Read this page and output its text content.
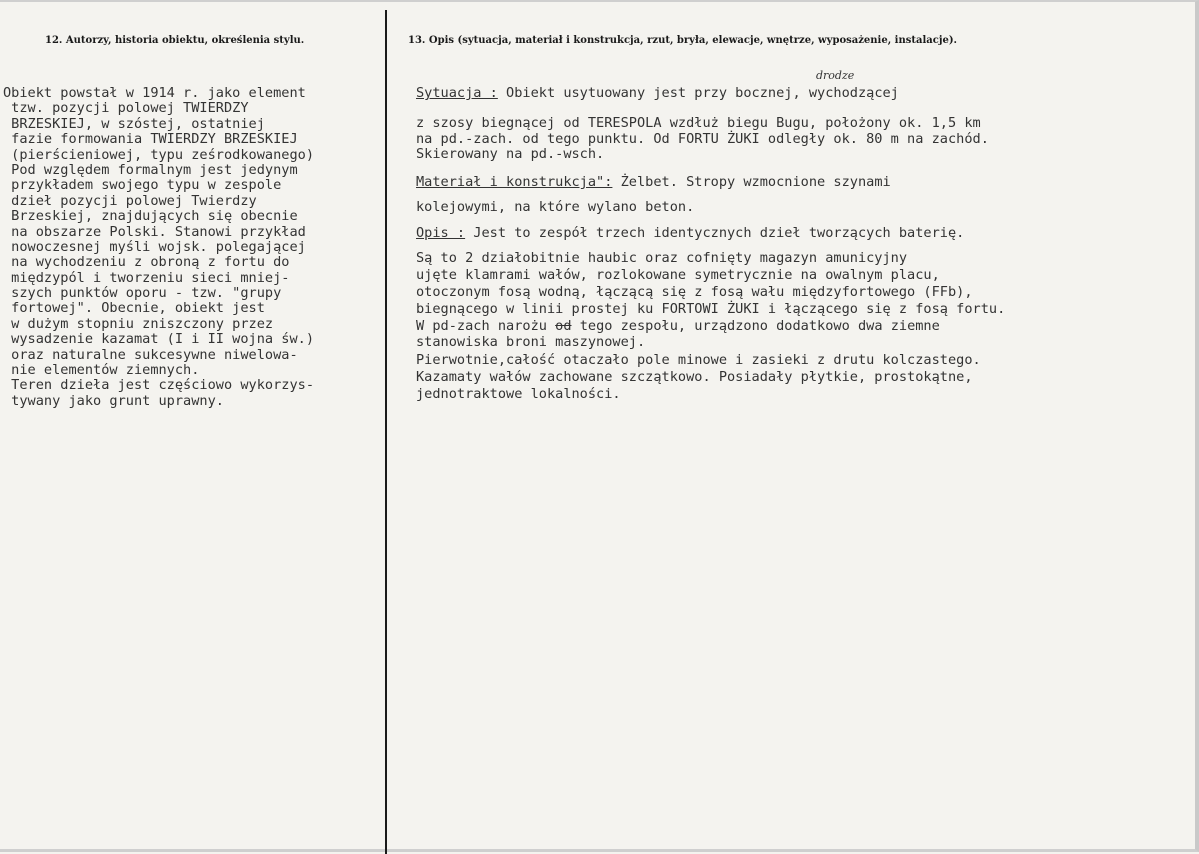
12. Autorzy, historia obiektu, określenia stylu.
Obiekt powstał w 1914 r. jako element
tzw. pozycji polowej TWIERDZY
BRZESKIEJ, w szóstej, ostatniej
fazie formowania TWIERDZY BRZESKIEJ
(pierścieniowej, typu ześrodkowanego)
Pod względem formalnym jest jedynym
przykładem swojego typu w zespole
dzieł pozycji polowej Twierdzy
Brzeskiej, znajdujących się obecnie
na obszarze Polski. Stanowi przykład
nowoczesnej myśli wojsk. polegającej
na wychodzeniu z obroną z fortu do
międzypól i tworzeniu sieci mniej-
szych punktów oporu - tzw. "grupy
fortowej". Obecnie, obiekt jest
w dużym stopniu zniszczony przez
wysadzenie kazamat (I i II wojna św.)
oraz naturalne sukcesywne niwelowa-
nie elementów ziemnych.
Teren dzieła jest częściowo wykorzys-
tywany jako grunt uprawny.
13. Opis (sytuacja, materiał i konstrukcja, rzut, bryła, elewacje, wnętrze, wyposażenie, instalacje).
drodze
Sytuacja : Obiekt usytuowany jest przy bocznej, wychodzącej
z szosy biegnącej od TERESPOLA wzdłuż biegu Bugu, położony ok. 1,5 km
na pd.-zach. od tego punktu. Od FORTU ŻUKI odległy ok. 80 m na zachód.
Skierowany na pd.-wsch.
Materiał i konstrukcja": Żelbet. Stropy wzmocnione szynami
kolejowymi, na które wylano beton.
Opis : Jest to zespół trzech identycznych dzieł tworzących baterię.
Są to 2 działobitnie haubic oraz cofnięty magazyn amunicyjny
ujęte klamrami wałów, rozlokowane symetrycznie na owalnym placu,
otoczonym fosą wodną, łączącą się z fosą wału międzyfortowego (FFb),
biegnącego w linii prostej ku FORTOWI ŻUKI i łączącego się z fosą fortu.
W pd-zach narożu od tego zespołu, urządzono dodatkowo dwa ziemne
stanowiska broni maszynowej.
Pierwotnie,całość otaczało pole minowe i zasieki z drutu kolczastego.
Kazamaty wałów zachowane szczątkowo. Posiadały płytkie, prostokątne,
jednotraktowe lokalności.
